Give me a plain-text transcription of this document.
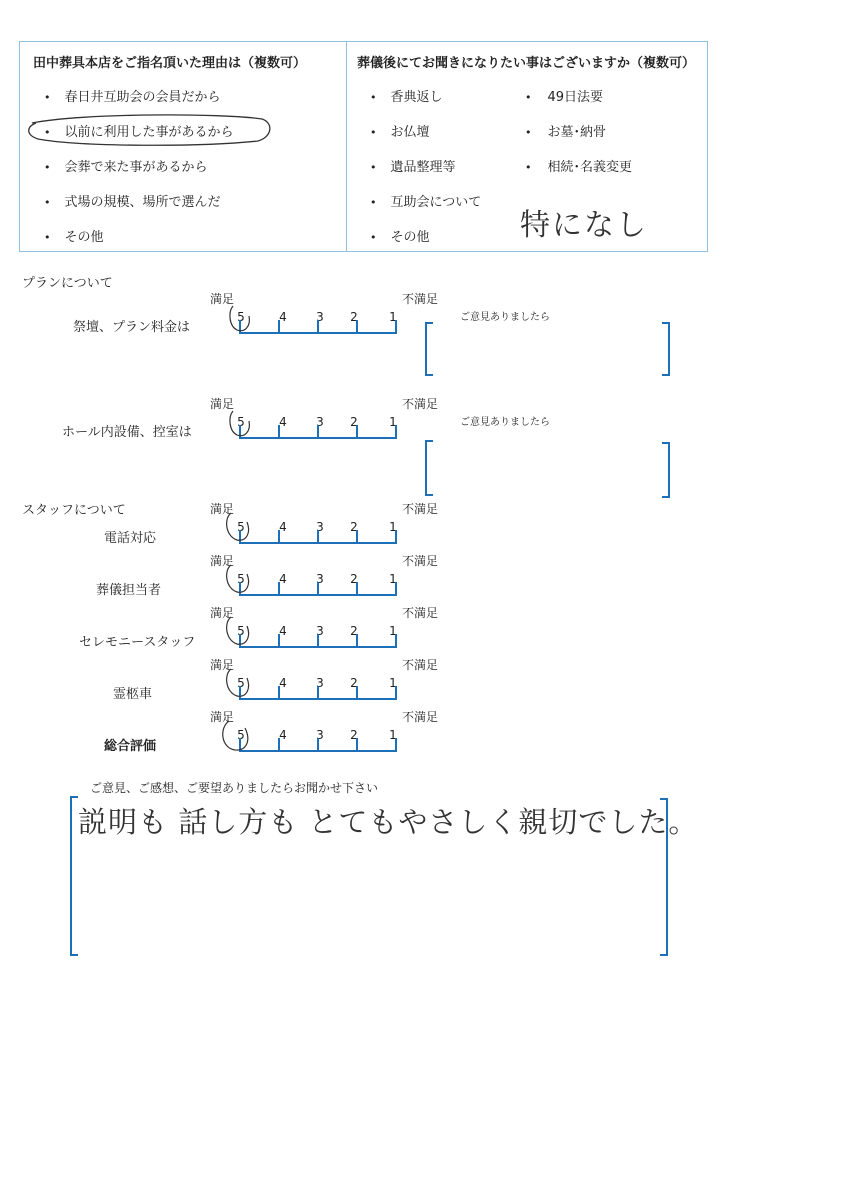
田中葬具本店をご指名頂いた理由は（複数可）	葬儀後にてお聞きになりたい事はございますか（複数可）
• 春日井互助会の会員だから
• 以前に利用した事があるから
• 会葬で来た事があるから
• 式場の規模、場所で選んだ
• その他
• 香典返し
• お仏壇
• 遺品整理等
• 互助会について
• その他
• 49日法要
• お墓･納骨
• 相続･名義変更
特になし
プランについて
祭壇、プラン料金は
満足	不満足
5	4 3 2	1	ご意見ありましたら
ホール内設備、控室は
満足	不満足
5	4 3 2	1	ご意見ありましたら
スタッフについて
電話対応
満足	不満足
5	4 3 2	1
葬儀担当者
満足	不満足
5	4 3 2	1
セレモニースタッフ
満足	不満足
5	4 3 2	1
霊柩車
満足	不満足
5	4 3 2	1
総合評価
満足	不満足
5	4 3 2	1
ご意見、ご感想、ご要望ありましたらお聞かせ下さい
説明も 話し方も とてもやさしく親切でした。
